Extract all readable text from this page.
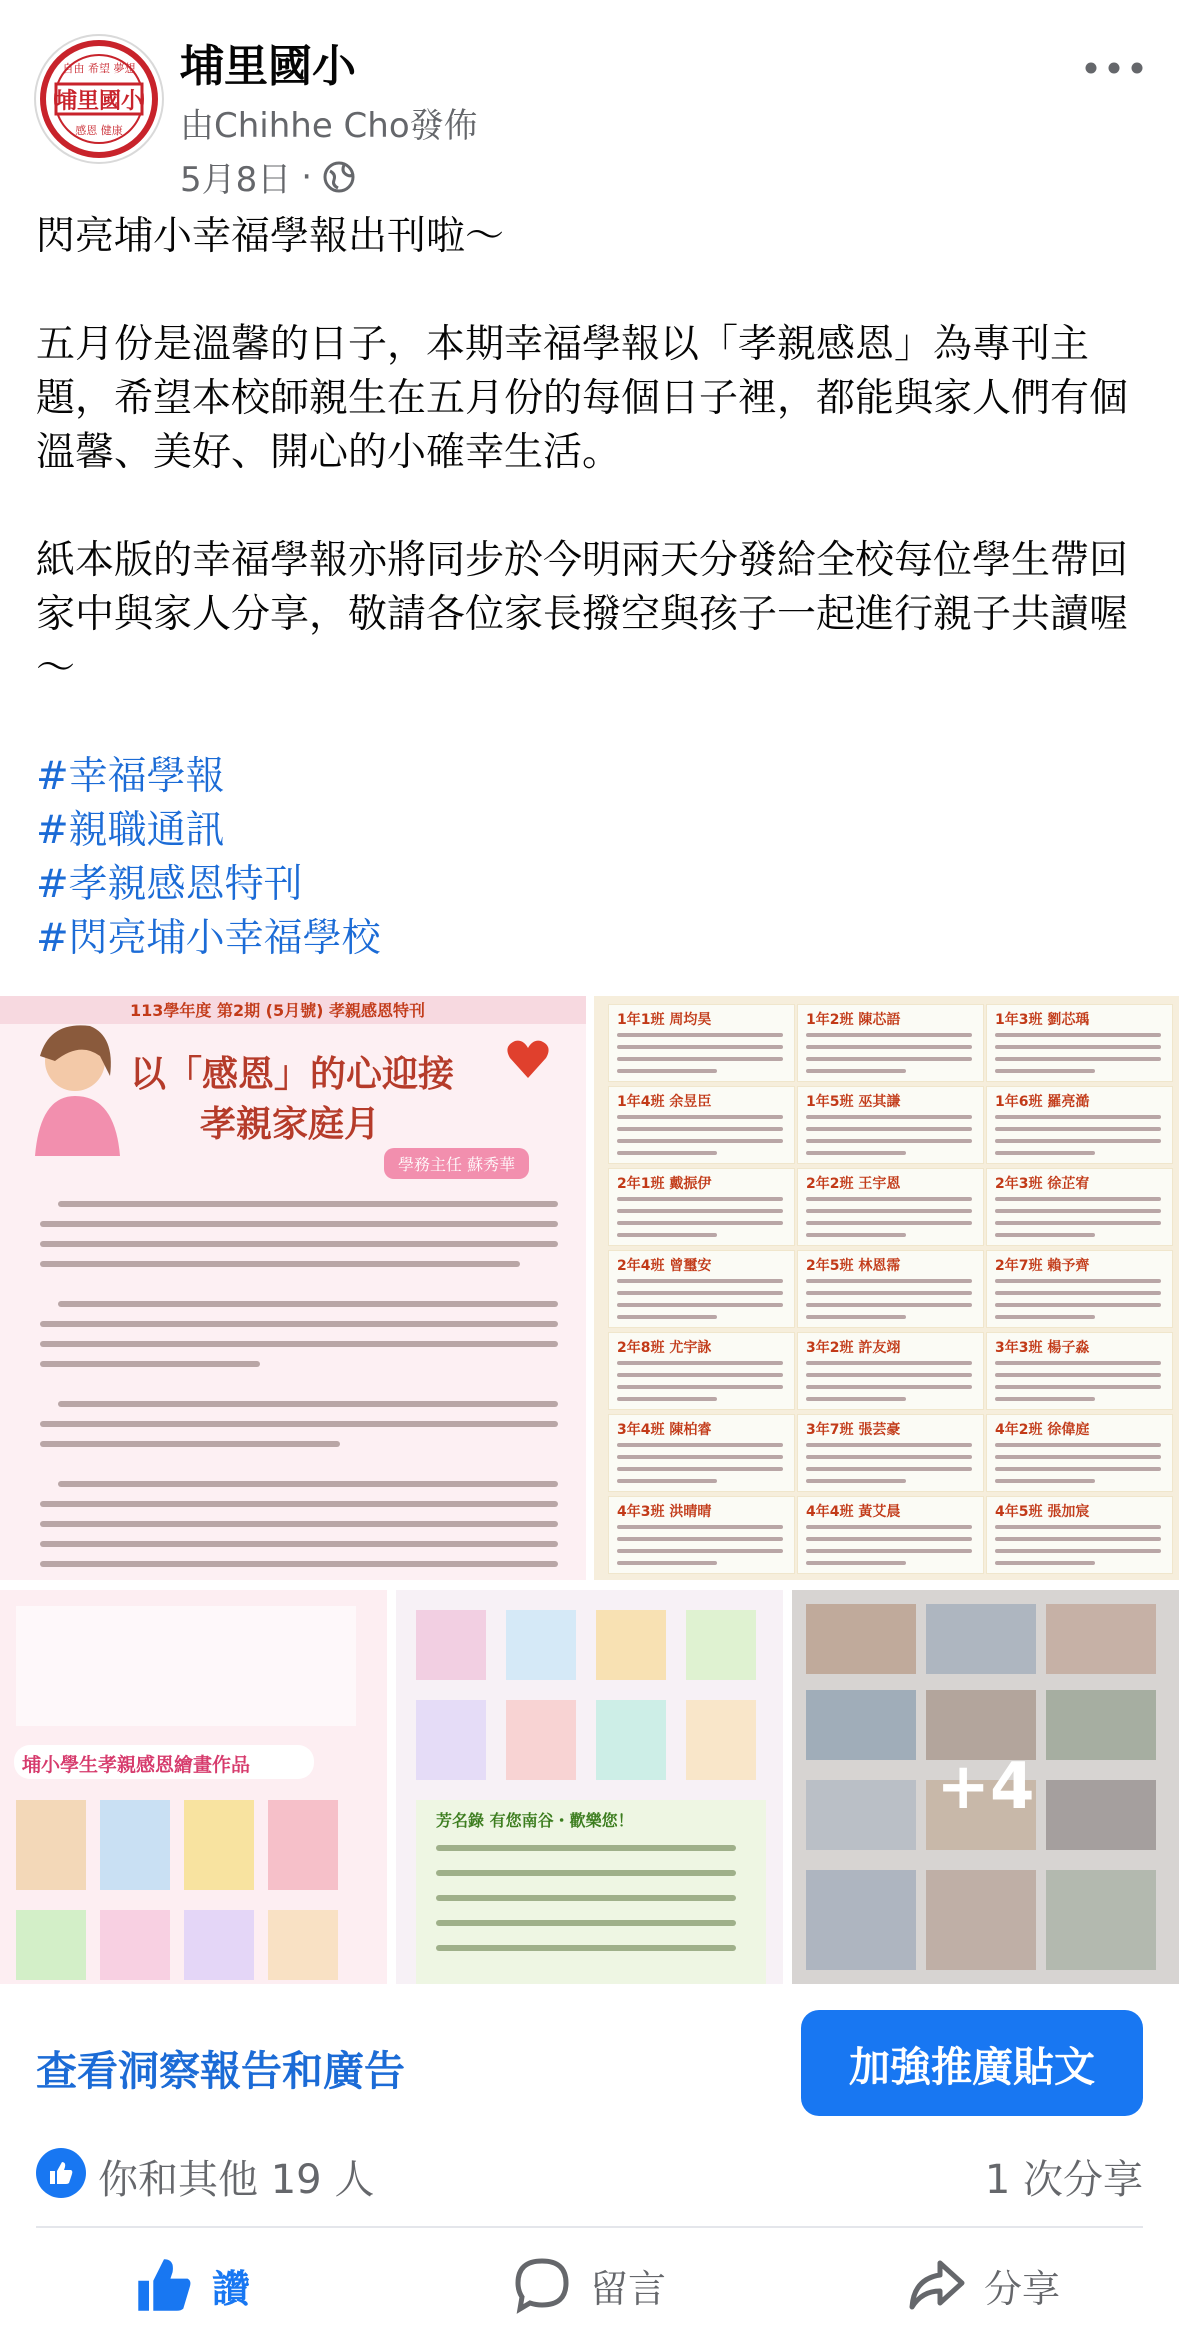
埔里國小
自由 希望 夢想
感恩 健康
埔里國小
由Chihhe Cho發佈
5月8日 ·

閃亮埔小幸福學報出刊啦～

五月份是溫馨的日子，本期幸福學報以「孝親感恩」為專刊主題，希望本校師親生在五月份的每個日子裡，都能與家人們有個溫馨、美好、開心的小確幸生活。

紙本版的幸福學報亦將同步於今明兩天分發給全校每位學生帶回家中與家人分享，敬請各位家長撥空與孩子一起進行親子共讀喔～

#幸福學報
#親職通訊
#孝親感恩特刊
#閃亮埔小幸福學校
113學年度 第2期 (5月號) 孝親感恩特刊
以「感恩」的心迎接
孝親家庭月
學務主任 蘇秀華
1年1班 周均昊	1年2班 陳芯語	1年3班 劉芯瑀
1年4班 余昱臣	1年5班 巫其謙	1年6班 羅亮澔
2年1班 戴振伊	2年2班 王宇恩	2年3班 徐芷宥
2年4班 曾璽安	2年5班 林恩霈	2年7班 賴予齊
2年8班 尤宇詠	3年2班 許友翊	3年3班 楊子淼
3年4班 陳柏睿	3年7班 張芸豪	4年2班 徐偉庭
4年3班 洪晴晴	4年4班 黃艾晨	4年5班 張加宸
埔小學生孝親感恩繪畫作品
芳名錄 有您南谷・歡樂您！	+4
查看洞察報告和廣告	加強推廣貼文
你和其他 19 人	1 次分享
讚	留言	分享
